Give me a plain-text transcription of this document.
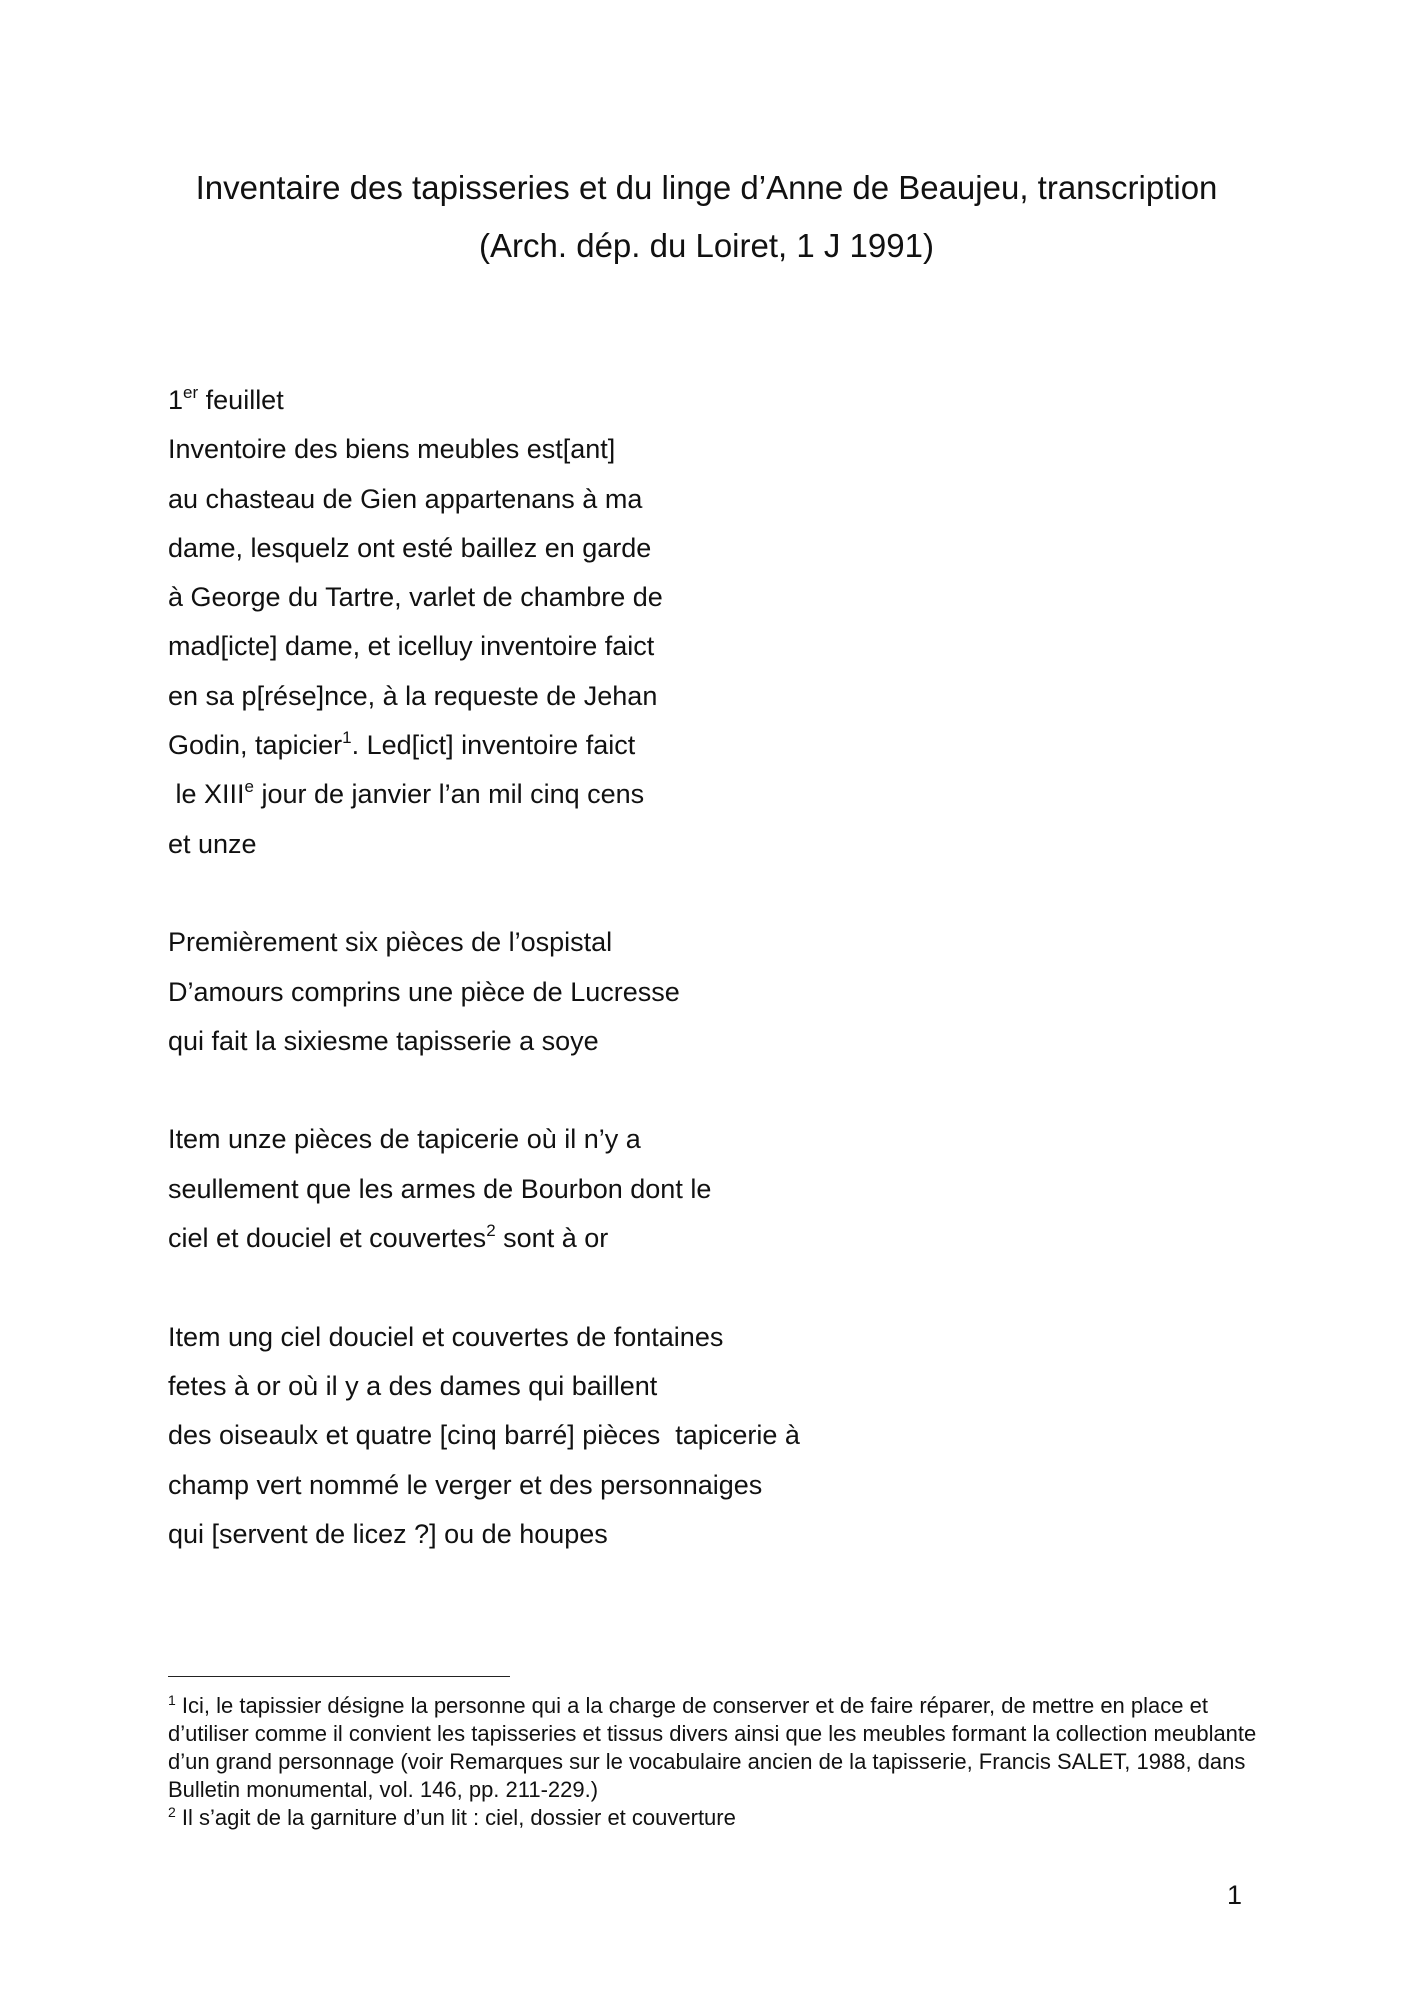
Inventaire des tapisseries et du linge d’Anne de Beaujeu, transcription
(Arch. dép. du Loiret, 1 J 1991)

1er feuillet

Inventoire des biens meubles est[ant]

au chasteau de Gien appartenans à ma

dame, lesquelz ont esté baillez en garde

à George du Tartre, varlet de chambre de

mad[icte] dame, et icelluy inventoire faict

en sa p[rése]nce, à la requeste de Jehan

Godin, tapicier$^1$. Led[ict] inventoire faict

le XIIIe jour de janvier l’an mil cinq cens

et unze

Premièrement six pièces de l’ospistal

D’amours comprins une pièce de Lucresse

qui fait la sixiesme tapisserie a soye

Item unze pièces de tapicerie où il n’y a

seullement que les armes de Bourbon dont le

ciel et douciel et couvertes$^2$ sont à or

Item ung ciel douciel et couvertes de fontaines

fetes à or où il y a des dames qui baillent

des oiseaulx et quatre [cinq barré] pièces  tapicerie à

champ vert nommé le verger et des personnaiges

qui [servent de licez ?] ou de houpes

$^1$ Ici, le tapissier désigne la personne qui a la charge de conserver et de faire réparer, de mettre en place et d’utiliser comme il convient les tapisseries et tissus divers ainsi que les meubles formant la collection meublante d’un grand personnage (voir Remarques sur le vocabulaire ancien de la tapisserie, Francis SALET, 1988, dans Bulletin monumental, vol. 146, pp. 211-229.)

$^2$ Il s’agit de la garniture d’un lit : ciel, dossier et couverture

1
